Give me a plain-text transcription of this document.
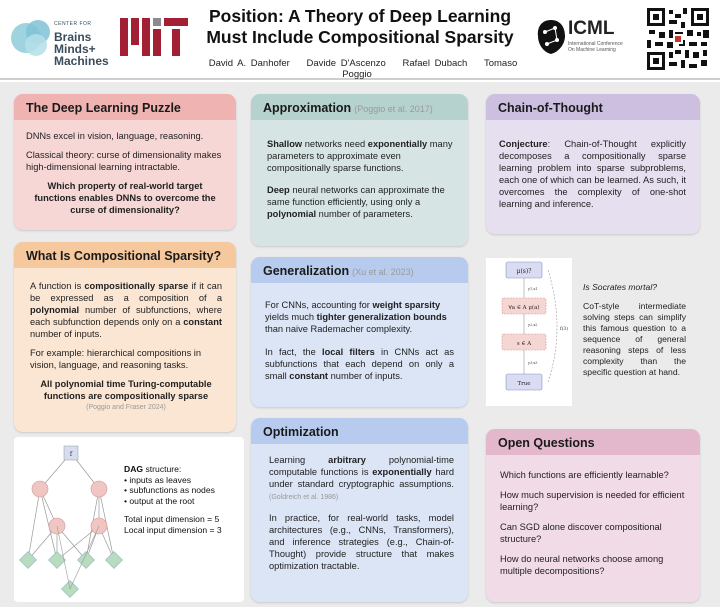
CENTER FOR
Brains
Minds+
Machines
Position: A Theory of Deep Learning
Must Include Compositional Sparsity
David A. Danhofer Davide D'Ascenzo Rafael Dubach Tomaso Poggio
ICML
International Conference
On Machine Learning
The Deep Learning Puzzle

DNNs excel in vision, language, reasoning.

Classical theory: curse of dimensionality makes high-dimensional learning intractable.

Which property of real-world target functions enables DNNs to overcome the curse of dimensionality?

What Is Compositional Sparsity?

A function is compositionally sparse if it can be expressed as a composition of a polynomial number of subfunctions, where each subfunction depends only on a constant number of inputs.

For example: hierarchical compositions in vision, language, and reasoning tasks.

All polynomial time Turing-computable functions are compositionally sparse

(Poggio and Fraser 2024)
f
DAG structure:
• inputs as leaves
• subfunctions as nodes
• output at the root
Total input dimension = 5
Local input dimension = 3
Approximation (Poggio et al. 2017)

Shallow networks need exponentially many parameters to approximate even compositionally sparse functions.

Deep neural networks can approximate the same function efficiently, using only a polynomial number of parameters.

Generalization (Xu et al. 2023)

For CNNs, accounting for weight sparsity yields much tighter generalization bounds than naive Rademacher complexity.

In fact, the local filters in CNNs act as subfunctions that each depend on only a small constant number of inputs.

Optimization

Learning arbitrary polynomial-time computable functions is exponentially hard under standard cryptographic assumptions. (Goldreich et al. 1986)

In practice, for real-world tasks, model architectures (e.g., CNNs, Transformers), and inference strategies (e.g., Chain-of-Thought) provide structure that makes optimization tractable.

Chain-of-Thought

Conjecture: Chain-of-Thought explicitly decomposes a compositionally sparse learning problem into sparse subproblems, each one of which can be learned. As such, it overcomes the complexity of one-shot learning and inference.

μ(s)?
y1,x1
∀a ∈ A μ(a)
y2,x2
s ∈ A
y3,x3
True
f(3)
Is Socrates mortal?
CoT-style intermediate solving steps can simplify this famous question to a sequence of general reasoning steps of less complexity than the specific question at hand.
Open Questions

Which functions are efficiently learnable?

How much supervision is needed for efficient learning?

Can SGD alone discover compositional structure?

How do neural networks choose among multiple decompositions?
